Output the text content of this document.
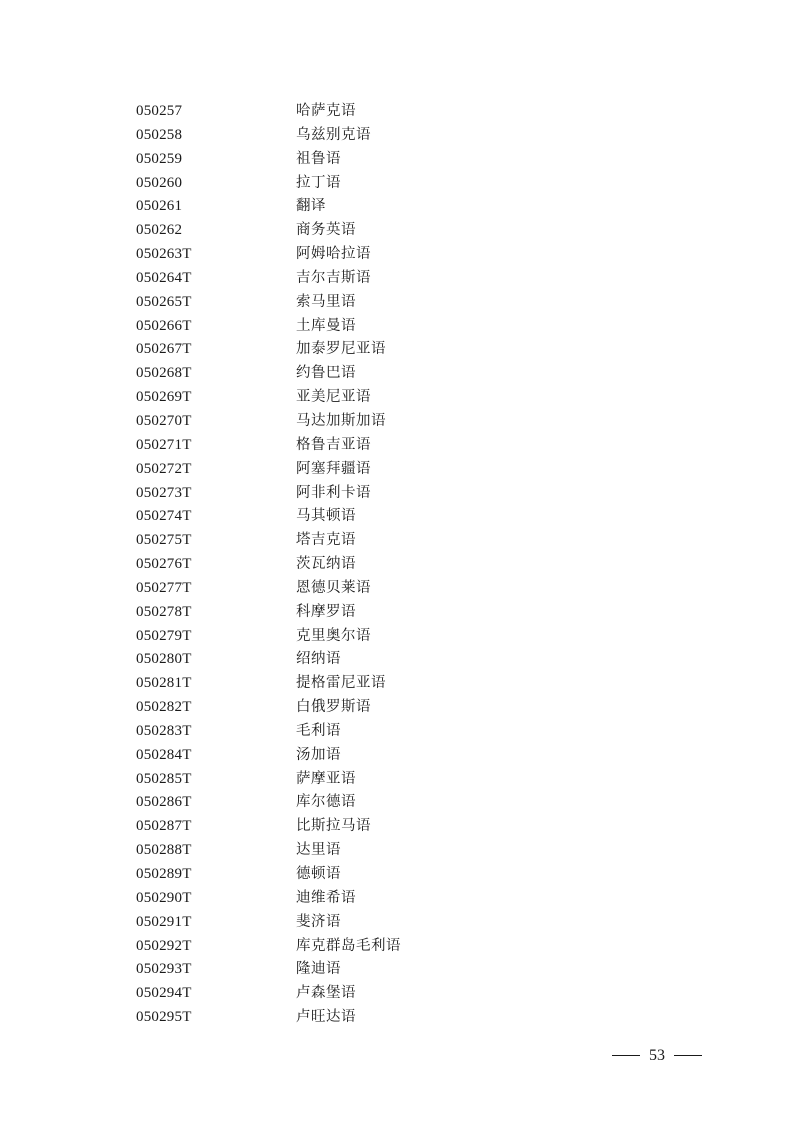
050257	哈萨克语
050258	乌兹别克语
050259	祖鲁语
050260	拉丁语
050261	翻译
050262	商务英语
050263T	阿姆哈拉语
050264T	吉尔吉斯语
050265T	索马里语
050266T	土库曼语
050267T	加泰罗尼亚语
050268T	约鲁巴语
050269T	亚美尼亚语
050270T	马达加斯加语
050271T	格鲁吉亚语
050272T	阿塞拜疆语
050273T	阿非利卡语
050274T	马其顿语
050275T	塔吉克语
050276T	茨瓦纳语
050277T	恩德贝莱语
050278T	科摩罗语
050279T	克里奥尔语
050280T	绍纳语
050281T	提格雷尼亚语
050282T	白俄罗斯语
050283T	毛利语
050284T	汤加语
050285T	萨摩亚语
050286T	库尔德语
050287T	比斯拉马语
050288T	达里语
050289T	德顿语
050290T	迪维希语
050291T	斐济语
050292T	库克群岛毛利语
050293T	隆迪语
050294T	卢森堡语
050295T	卢旺达语
53
